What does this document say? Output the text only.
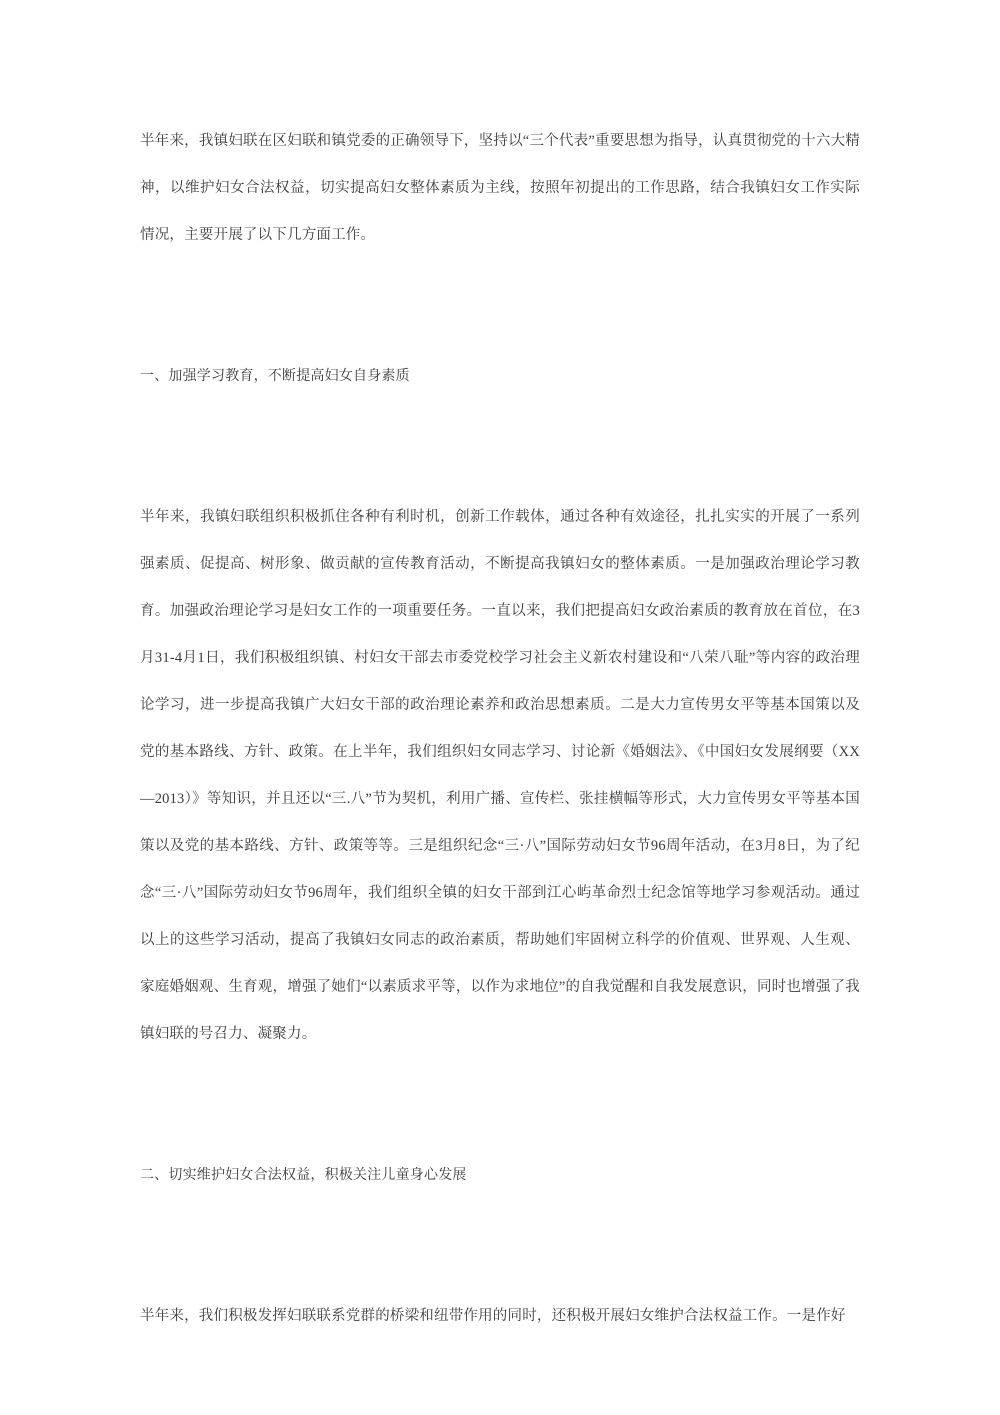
半年来，我镇妇联在区妇联和镇党委的正确领导下，坚持以“三个代表”重要思想为指导，认真贯彻党的十六大精神，以维护妇女合法权益，切实提高妇女整体素质为主线，按照年初提出的工作思路，结合我镇妇女工作实际情况，主要开展了以下几方面工作。

一、加强学习教育，不断提高妇女自身素质

半年来，我镇妇联组织积极抓住各种有利时机，创新工作载体，通过各种有效途径，扎扎实实的开展了一系列强素质、促提高、树形象、做贡献的宣传教育活动，不断提高我镇妇女的整体素质。一是加强政治理论学习教育。加强政治理论学习是妇女工作的一项重要任务。一直以来，我们把提高妇女政治素质的教育放在首位，在3月31-4月1日，我们积极组织镇、村妇女干部去市委党校学习社会主义新农村建设和“八荣八耻”等内容的政治理论学习，进一步提高我镇广大妇女干部的政治理论素养和政治思想素质。二是大力宣传男女平等基本国策以及党的基本路线、方针、政策。在上半年，我们组织妇女同志学习、讨论新《婚姻法》、《中国妇女发展纲要（XX—2013）》等知识，并且还以“三.八”节为契机，利用广播、宣传栏、张挂横幅等形式，大力宣传男女平等基本国策以及党的基本路线、方针、政策等等。三是组织纪念“三·八”国际劳动妇女节96周年活动，在3月8日，为了纪念“三·八”国际劳动妇女节96周年，我们组织全镇的妇女干部到江心屿革命烈士纪念馆等地学习参观活动。通过以上的这些学习活动，提高了我镇妇女同志的政治素质，帮助她们牢固树立科学的价值观、世界观、人生观、家庭婚姻观、生育观，增强了她们“以素质求平等，以作为求地位”的自我觉醒和自我发展意识，同时也增强了我镇妇联的号召力、凝聚力。

二、切实维护妇女合法权益，积极关注儿童身心发展

半年来，我们积极发挥妇联联系党群的桥梁和纽带作用的同时，还积极开展妇女维护合法权益工作。一是作好
